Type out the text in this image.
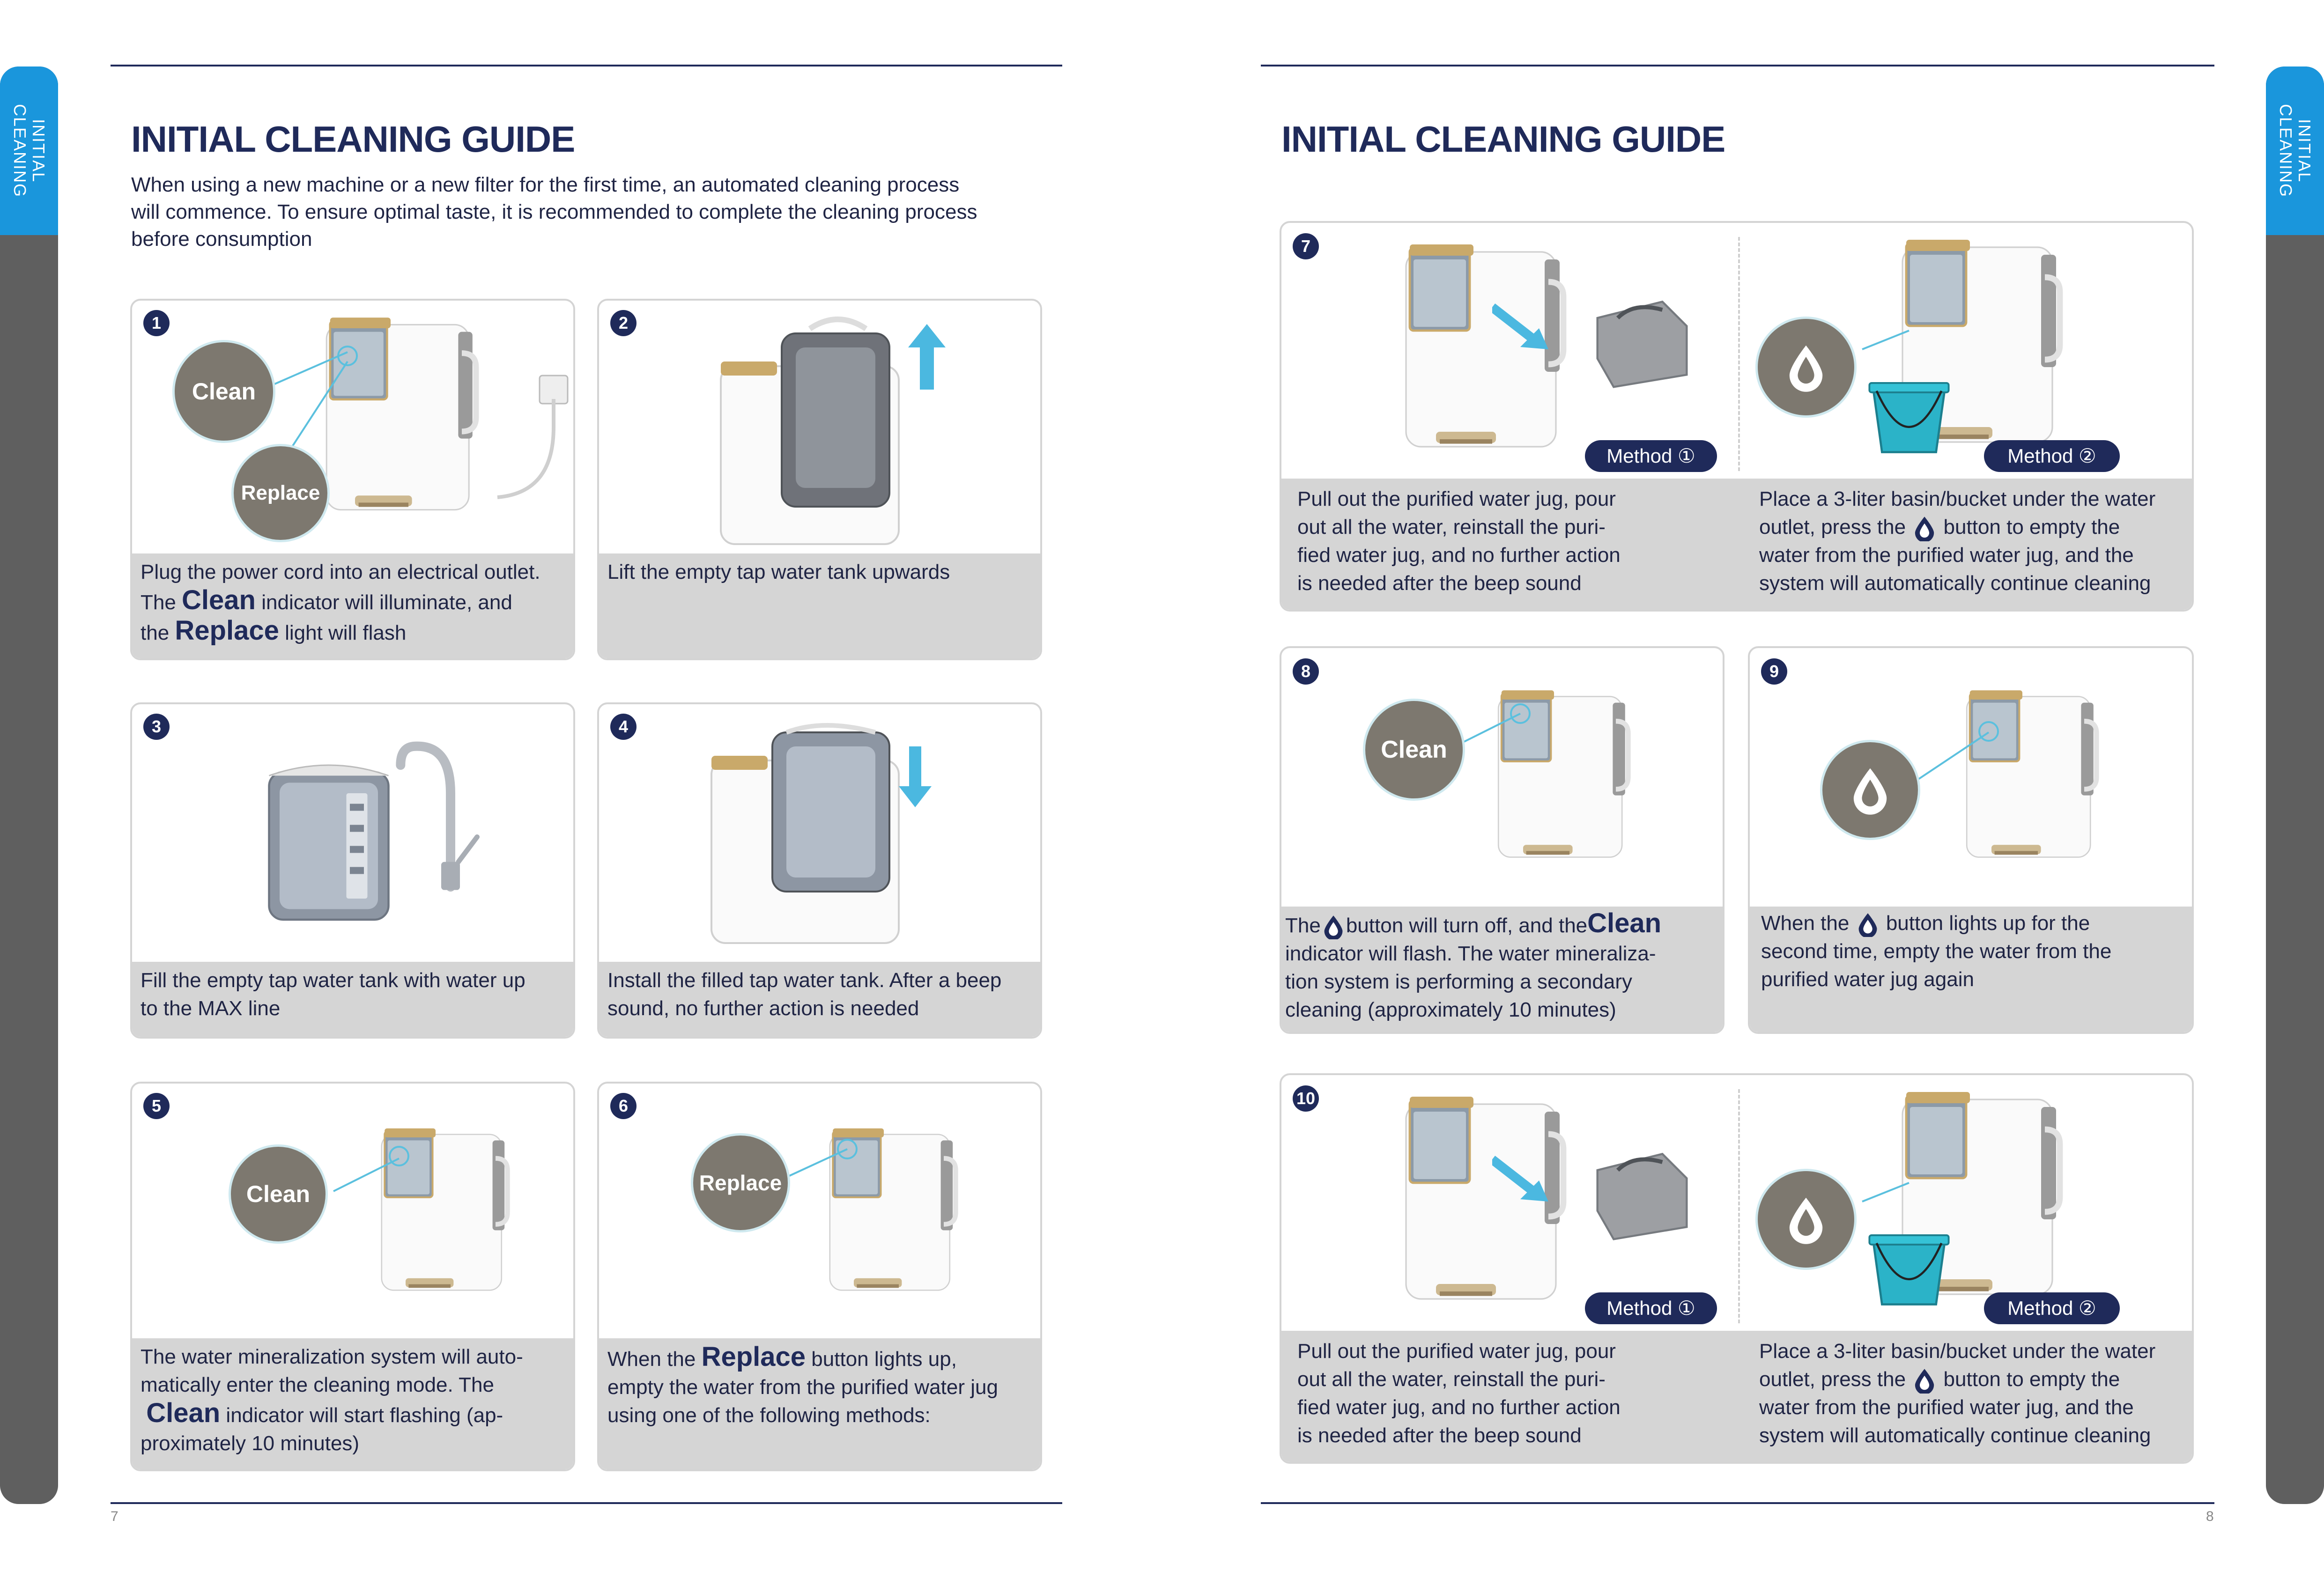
7
INITIAL
CLEANING	INITIAL CLEANING GUIDE
When using a new machine or a new filter for the first time, an automated cleaning process
will commence. To ensure optimal taste, it is recommended to complete the cleaning process
before consumption
1
Clean
Replace
Plug the power cord into an electrical outlet.
The Clean indicator will illuminate, and
the Replace light will flash
2
Lift the empty tap water tank upwards
3
Fill the empty tap water tank with water up
to the MAX line
4
Install the filled tap water tank. After a beep
sound, no further action is needed
5
Clean
The water mineralization system will auto-
matically enter the cleaning mode. The
Clean indicator will start flashing (ap-
proximately 10 minutes)
6
Replace
When the Replace button lights up,
empty the water from the purified water jug
using one of the following methods:
8
INITIAL
CLEANING
INITIAL CLEANING GUIDE
7
Method ①	Method ②
Pull out the purified water jug, pour
out all the water, reinstall the puri-
fied water jug, and no further action
is needed after the beep sound
Place a 3-liter basin/bucket under the water
outlet, press the button to empty the
water from the purified water jug, and the
system will automatically continue cleaning
8
Clean
The button will turn off, and theClean
indicator will flash. The water mineraliza-
tion system is performing a secondary
cleaning (approximately 10 minutes)
9
When the button lights up for the
second time, empty the water from the
purified water jug again
10
Method ①	Method ②
Pull out the purified water jug, pour
out all the water, reinstall the puri-
fied water jug, and no further action
is needed after the beep sound
Place a 3-liter basin/bucket under the water
outlet, press the button to empty the
water from the purified water jug, and the
system will automatically continue cleaning
